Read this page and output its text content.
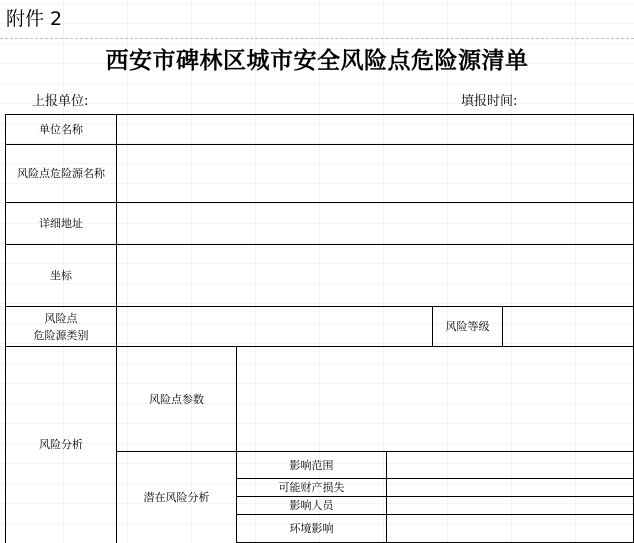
附件 2
西安市碑林区城市安全风险点危险源清单
上报单位:	填报时间:
单位名称
风险点危险源名称
详细地址
坐标
风险点
危险源类别
风险等级
风险分析
风险点参数
潜在风险分析
影响范围
可能财产损失
影响人员
环境影响
